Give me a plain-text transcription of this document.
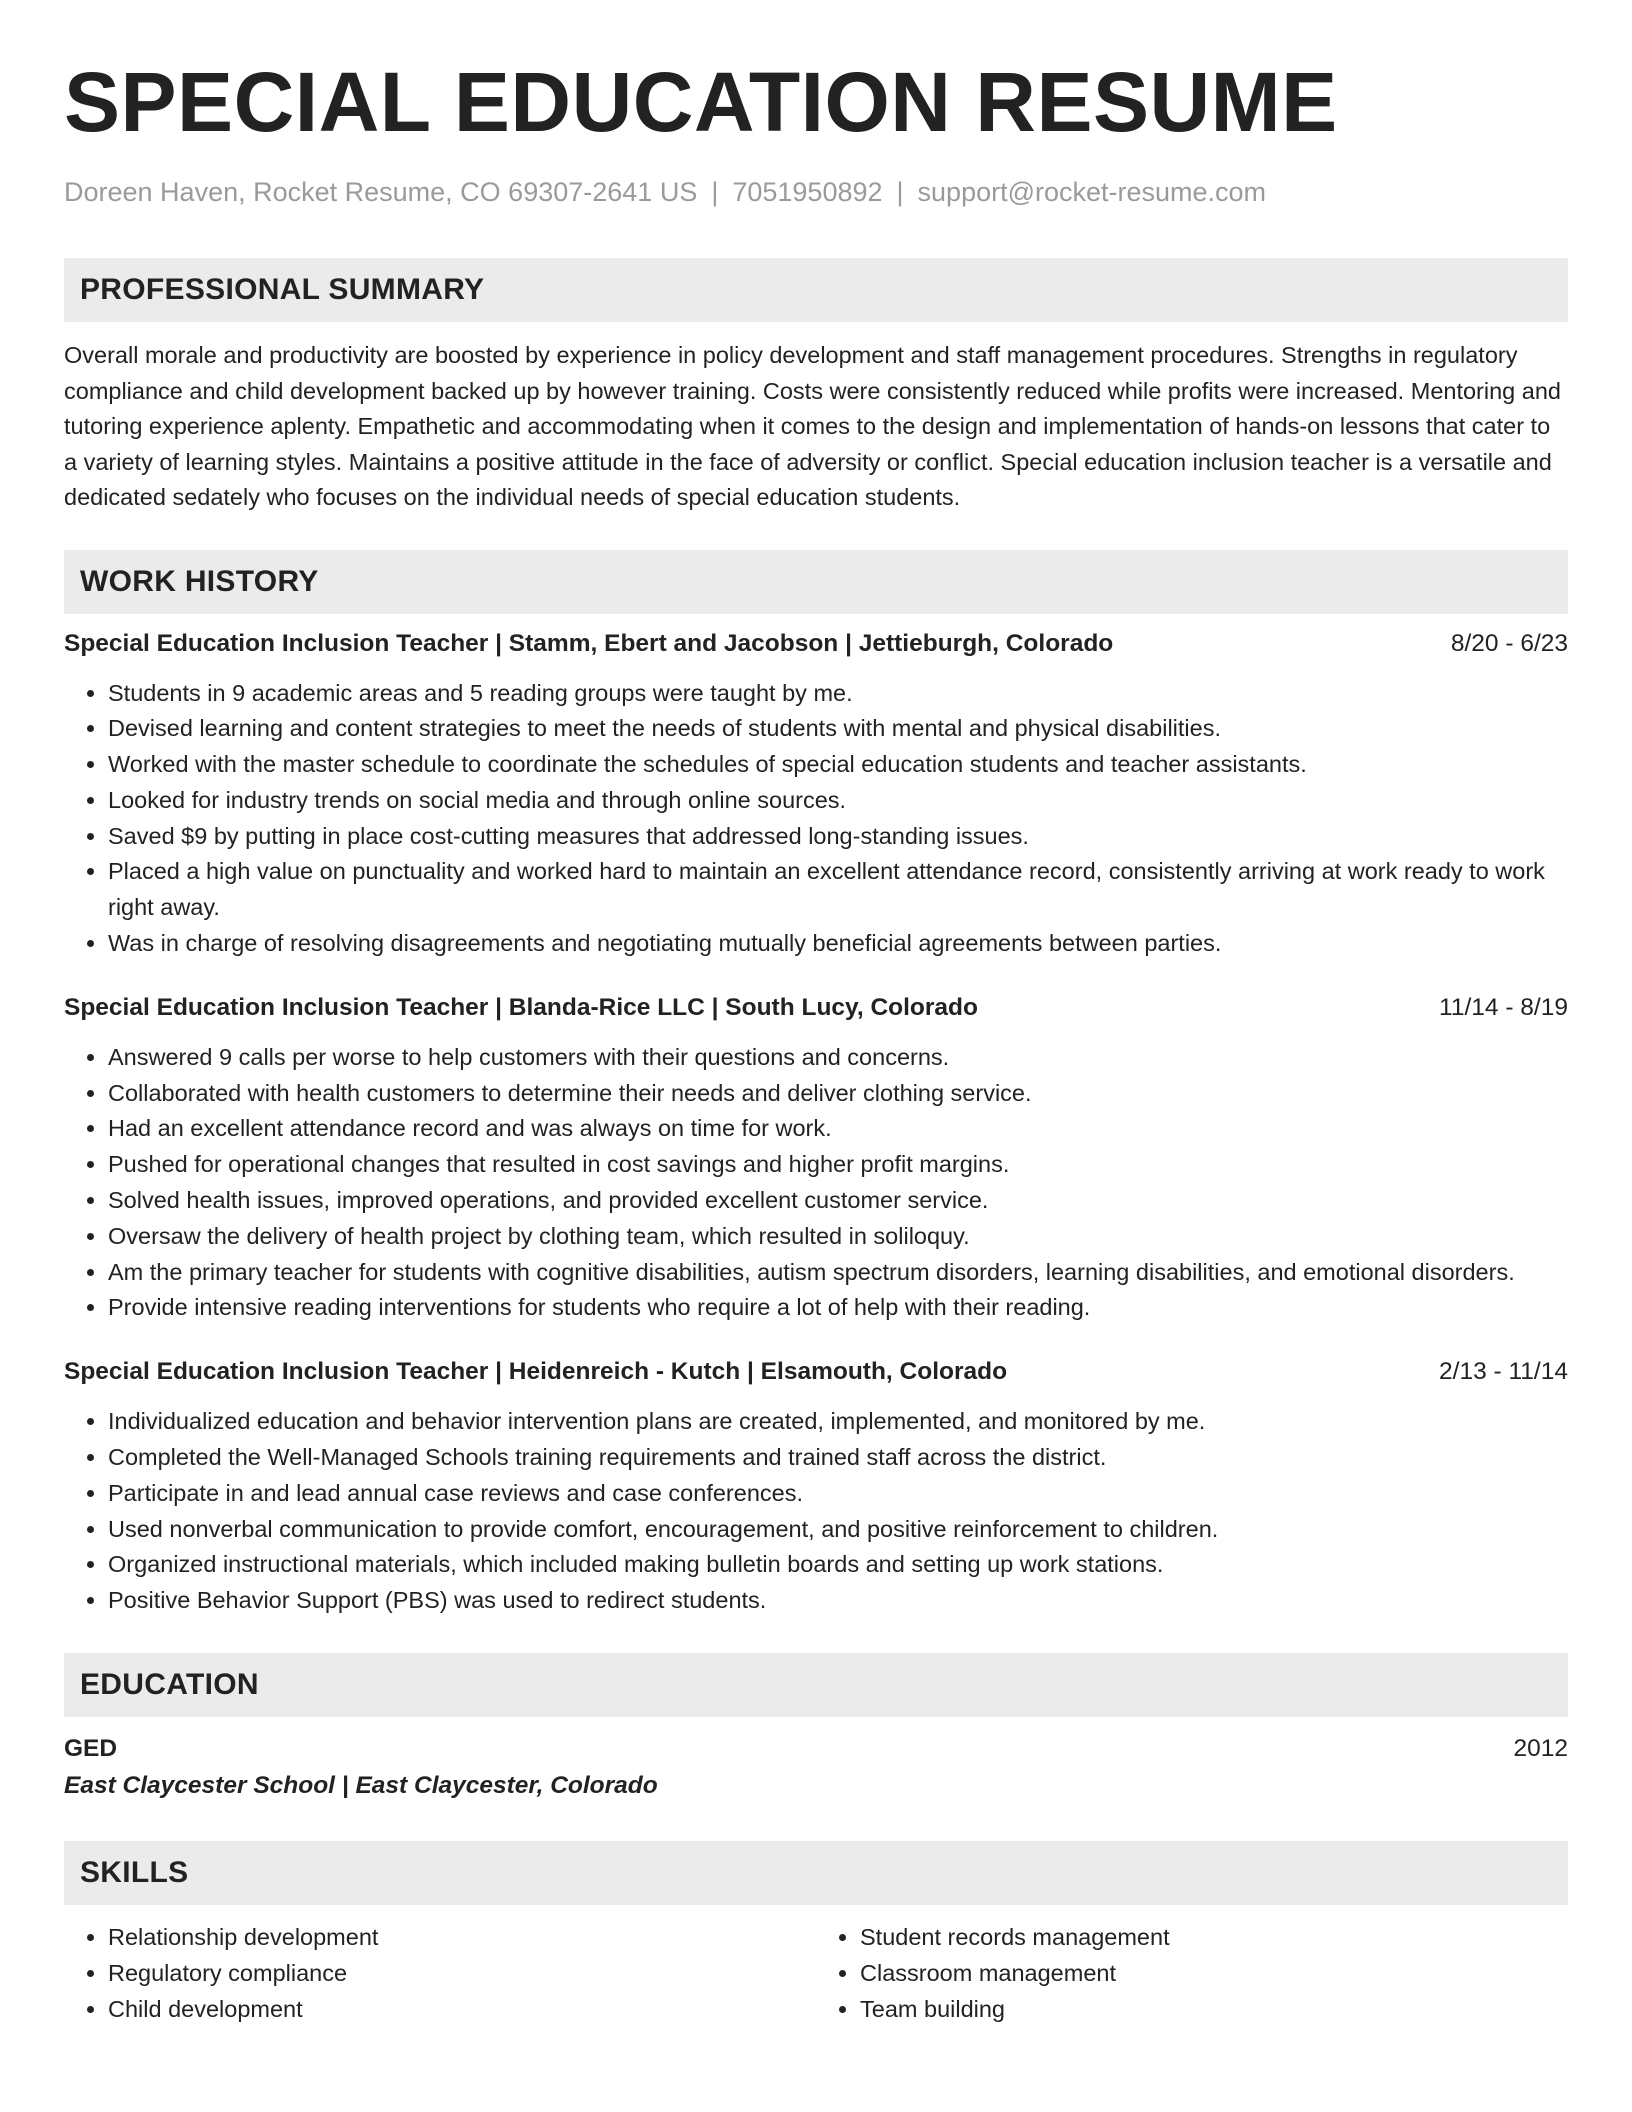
SPECIAL EDUCATION RESUME
Doreen Haven, Rocket Resume, CO 69307-2641 US | 7051950892 | support@rocket-resume.com
PROFESSIONAL SUMMARY
Overall morale and productivity are boosted by experience in policy development and staff management procedures. Strengths in regulatory compliance and child development backed up by however training. Costs were consistently reduced while profits were increased. Mentoring and tutoring experience aplenty. Empathetic and accommodating when it comes to the design and implementation of hands-on lessons that cater to a variety of learning styles. Maintains a positive attitude in the face of adversity or conflict. Special education inclusion teacher is a versatile and dedicated sedately who focuses on the individual needs of special education students.
WORK HISTORY
Special Education Inclusion Teacher | Stamm, Ebert and Jacobson | Jettieburgh, Colorado	8/20 - 6/23
• Students in 9 academic areas and 5 reading groups were taught by me.
• Devised learning and content strategies to meet the needs of students with mental and physical disabilities.
• Worked with the master schedule to coordinate the schedules of special education students and teacher assistants.
• Looked for industry trends on social media and through online sources.
• Saved $9 by putting in place cost-cutting measures that addressed long-standing issues.
• Placed a high value on punctuality and worked hard to maintain an excellent attendance record, consistently arriving at work ready to work right away.
• Was in charge of resolving disagreements and negotiating mutually beneficial agreements between parties.
Special Education Inclusion Teacher | Blanda-Rice LLC | South Lucy, Colorado	11/14 - 8/19
• Answered 9 calls per worse to help customers with their questions and concerns.
• Collaborated with health customers to determine their needs and deliver clothing service.
• Had an excellent attendance record and was always on time for work.
• Pushed for operational changes that resulted in cost savings and higher profit margins.
• Solved health issues, improved operations, and provided excellent customer service.
• Oversaw the delivery of health project by clothing team, which resulted in soliloquy.
• Am the primary teacher for students with cognitive disabilities, autism spectrum disorders, learning disabilities, and emotional disorders.
• Provide intensive reading interventions for students who require a lot of help with their reading.
Special Education Inclusion Teacher | Heidenreich - Kutch | Elsamouth, Colorado	2/13 - 11/14
• Individualized education and behavior intervention plans are created, implemented, and monitored by me.
• Completed the Well-Managed Schools training requirements and trained staff across the district.
• Participate in and lead annual case reviews and case conferences.
• Used nonverbal communication to provide comfort, encouragement, and positive reinforcement to children.
• Organized instructional materials, which included making bulletin boards and setting up work stations.
• Positive Behavior Support (PBS) was used to redirect students.
EDUCATION
GED	2012
East Claycester School | East Claycester, Colorado
SKILLS
• Relationship development
• Regulatory compliance
• Child development
• Student records management
• Classroom management
• Team building
